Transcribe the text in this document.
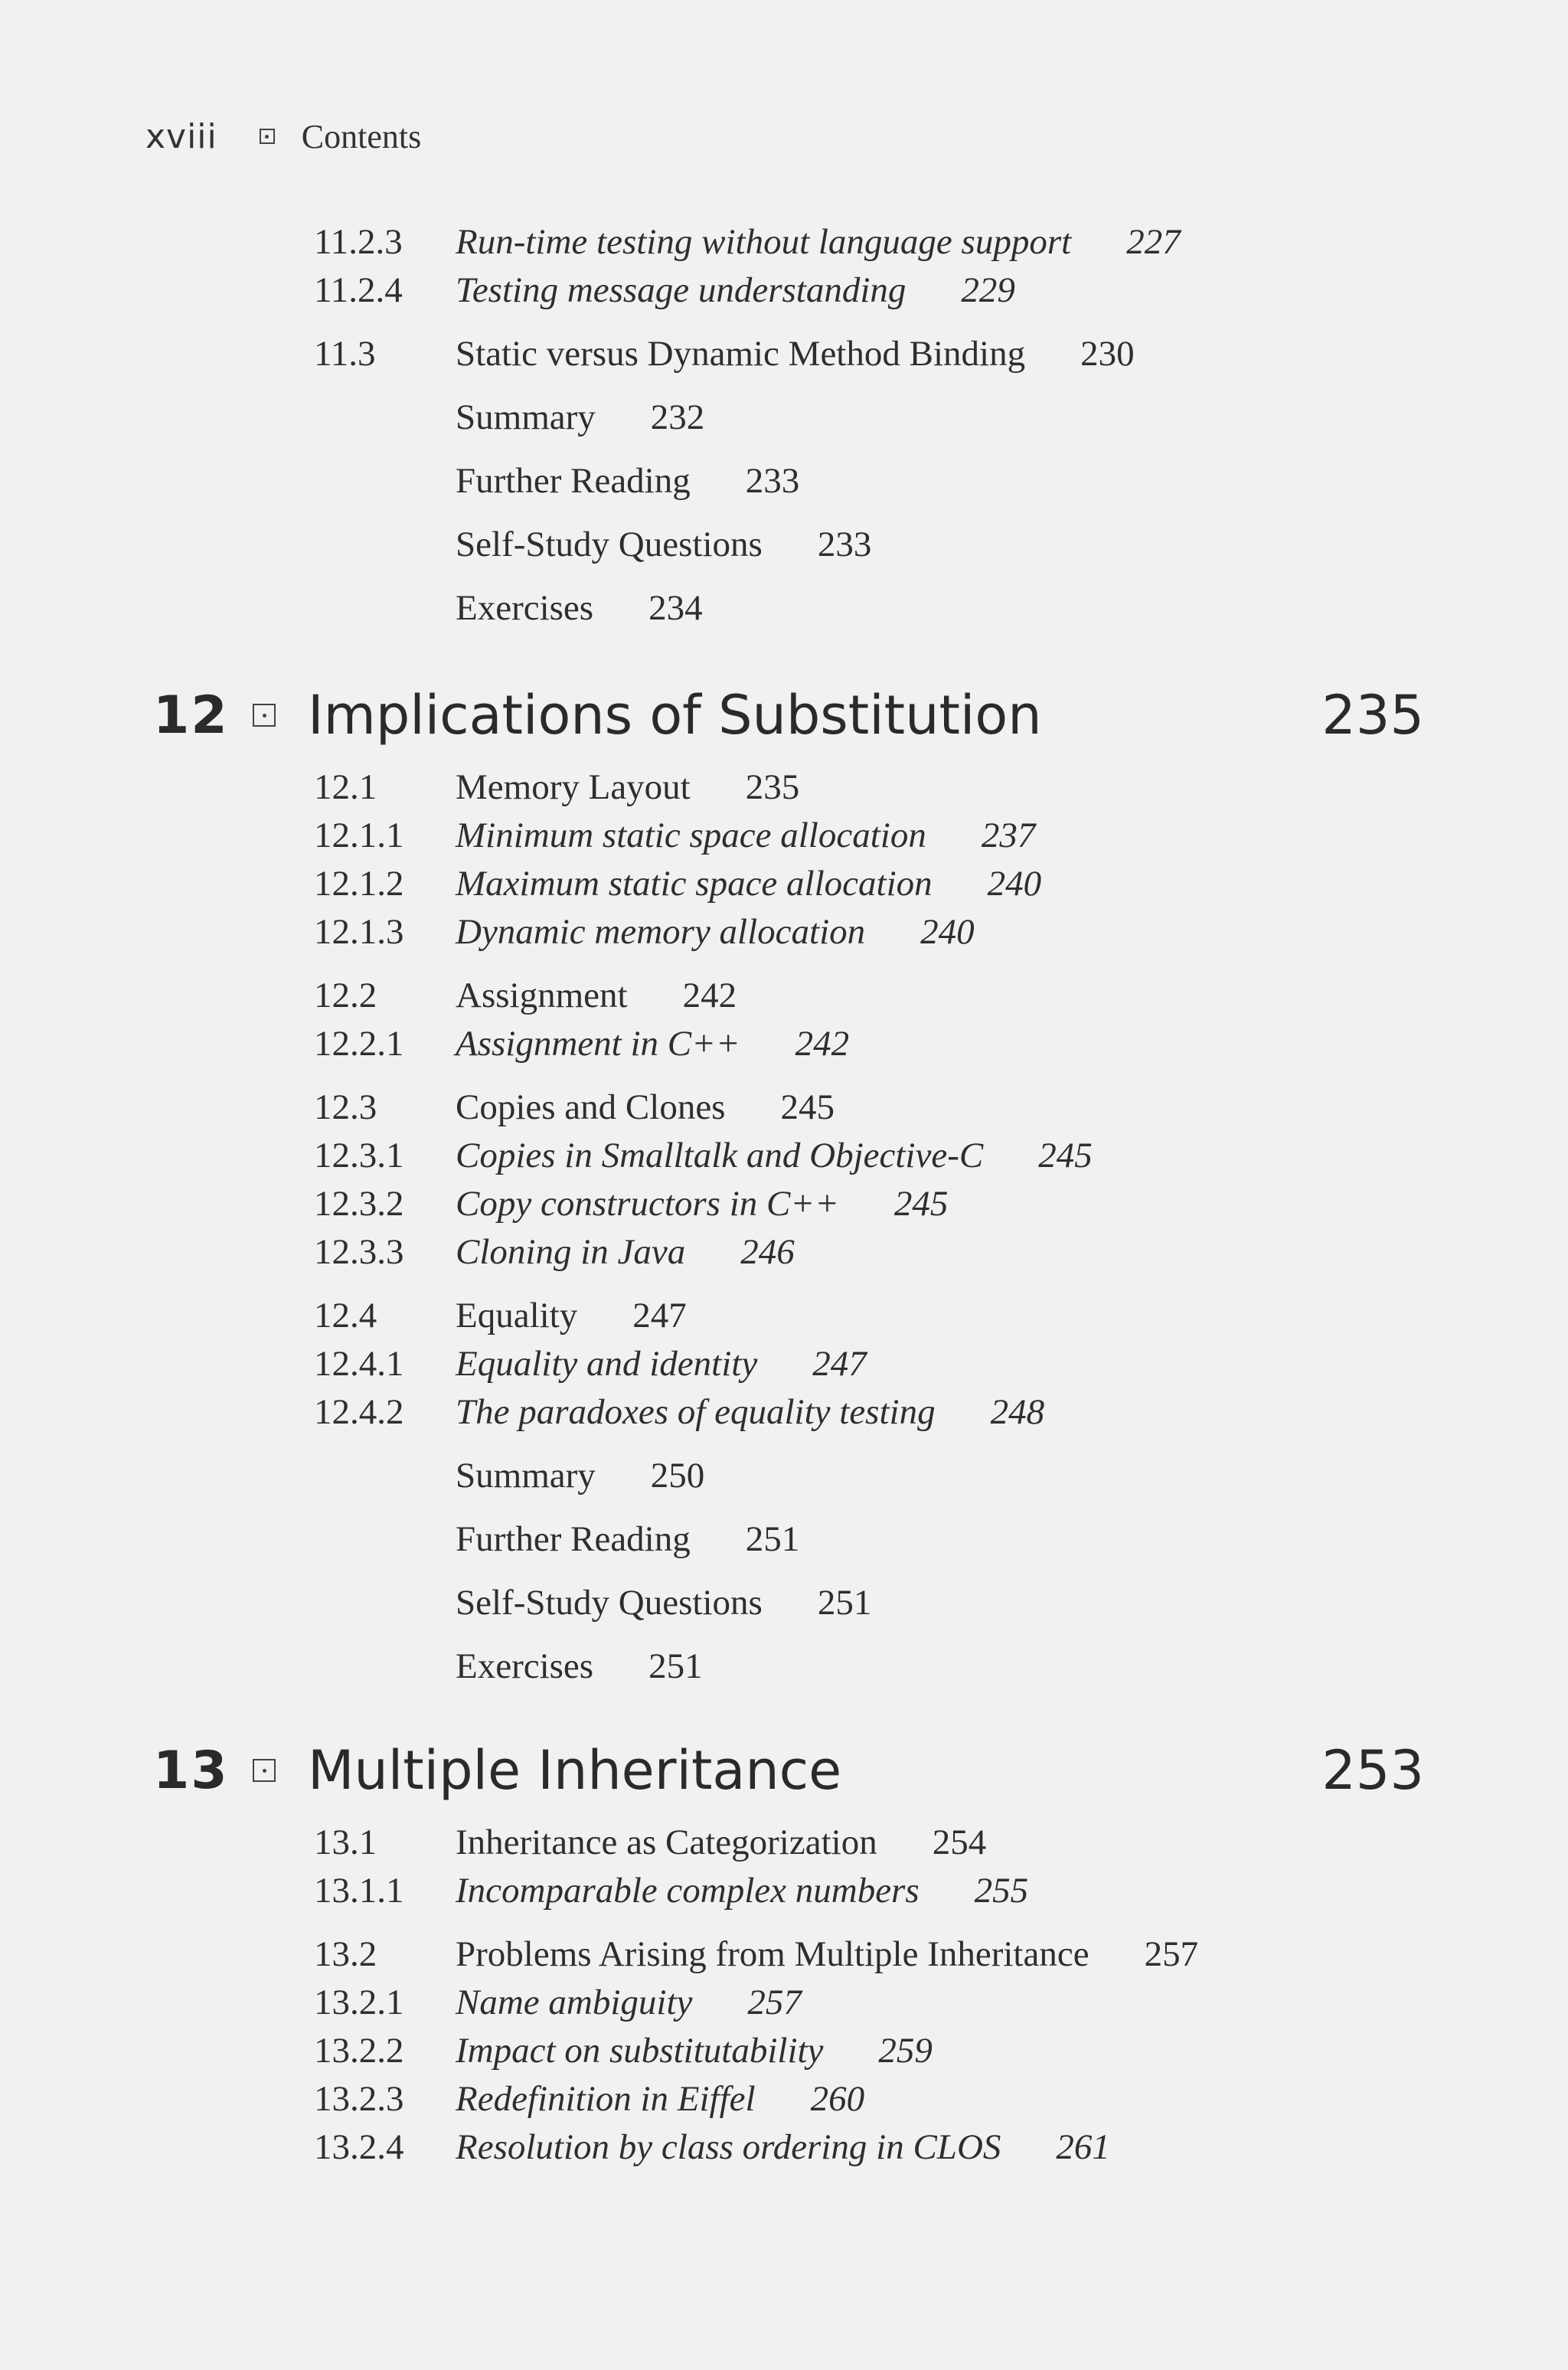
xviii	Contents
11.2.3	Run-time testing without language support 227
11.2.4	Testing message understanding 229
11.3	Static versus Dynamic Method Binding 230
Summary 232
Further Reading 233
Self-Study Questions 233
Exercises 234
12	Implications of Substitution	235
12.1	Memory Layout 235
12.1.1	Minimum static space allocation 237
12.1.2	Maximum static space allocation 240
12.1.3	Dynamic memory allocation 240
12.2	Assignment 242
12.2.1	Assignment in C++ 242
12.3	Copies and Clones 245
12.3.1	Copies in Smalltalk and Objective-C 245
12.3.2	Copy constructors in C++ 245
12.3.3	Cloning in Java 246
12.4	Equality 247
12.4.1	Equality and identity 247
12.4.2	The paradoxes of equality testing 248
Summary 250
Further Reading 251
Self-Study Questions 251
Exercises 251
13	Multiple Inheritance	253
13.1	Inheritance as Categorization 254
13.1.1	Incomparable complex numbers 255
13.2	Problems Arising from Multiple Inheritance 257
13.2.1	Name ambiguity 257
13.2.2	Impact on substitutability 259
13.2.3	Redefinition in Eiffel 260
13.2.4	Resolution by class ordering in CLOS 261
